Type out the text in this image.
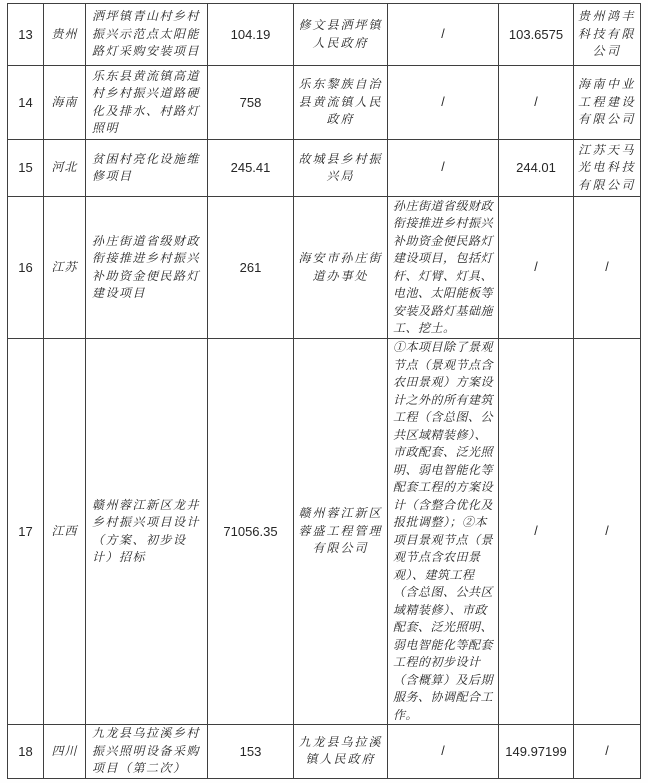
13	贵州	洒坪镇青山村乡村振兴示范点太阳能路灯采购安装项目	104.19	修文县洒坪镇人民政府	/	103.6575	贵州鸿丰科技有限公司
14	海南	乐东县黄流镇高道村乡村振兴道路硬化及排水、村路灯照明	758	乐东黎族自治县黄流镇人民政府	/	/	海南中业工程建设有限公司
15	河北	贫困村亮化设施维修项目	245.41	故城县乡村振兴局	/	244.01	江苏天马光电科技有限公司
16	江苏	孙庄街道省级财政衔接推进乡村振兴补助资金便民路灯建设项目	261	海安市孙庄街道办事处	孙庄街道省级财政衔接推进乡村振兴补助资金便民路灯建设项目，包括灯杆、灯臂、灯具、电池、太阳能板等安装及路灯基础施工、挖土。	/	/
17	江西	赣州蓉江新区龙井乡村振兴项目设计（方案、初步设计）招标	71056.35	赣州蓉江新区蓉盛工程管理有限公司	①本项目除了景观节点（景观节点含农田景观）方案设计之外的所有建筑工程（含总图、公共区域精装修）、市政配套、泛光照明、弱电智能化等配套工程的方案设计（含整合优化及报批调整）；②本项目景观节点（景观节点含农田景观）、建筑工程（含总图、公共区域精装修）、市政配套、泛光照明、弱电智能化等配套工程的初步设计（含概算）及后期服务、协调配合工作。	/	/
18	四川	九龙县乌拉溪乡村振兴照明设备采购项目（第二次）	153	九龙县乌拉溪镇人民政府	/	149.97199	/
